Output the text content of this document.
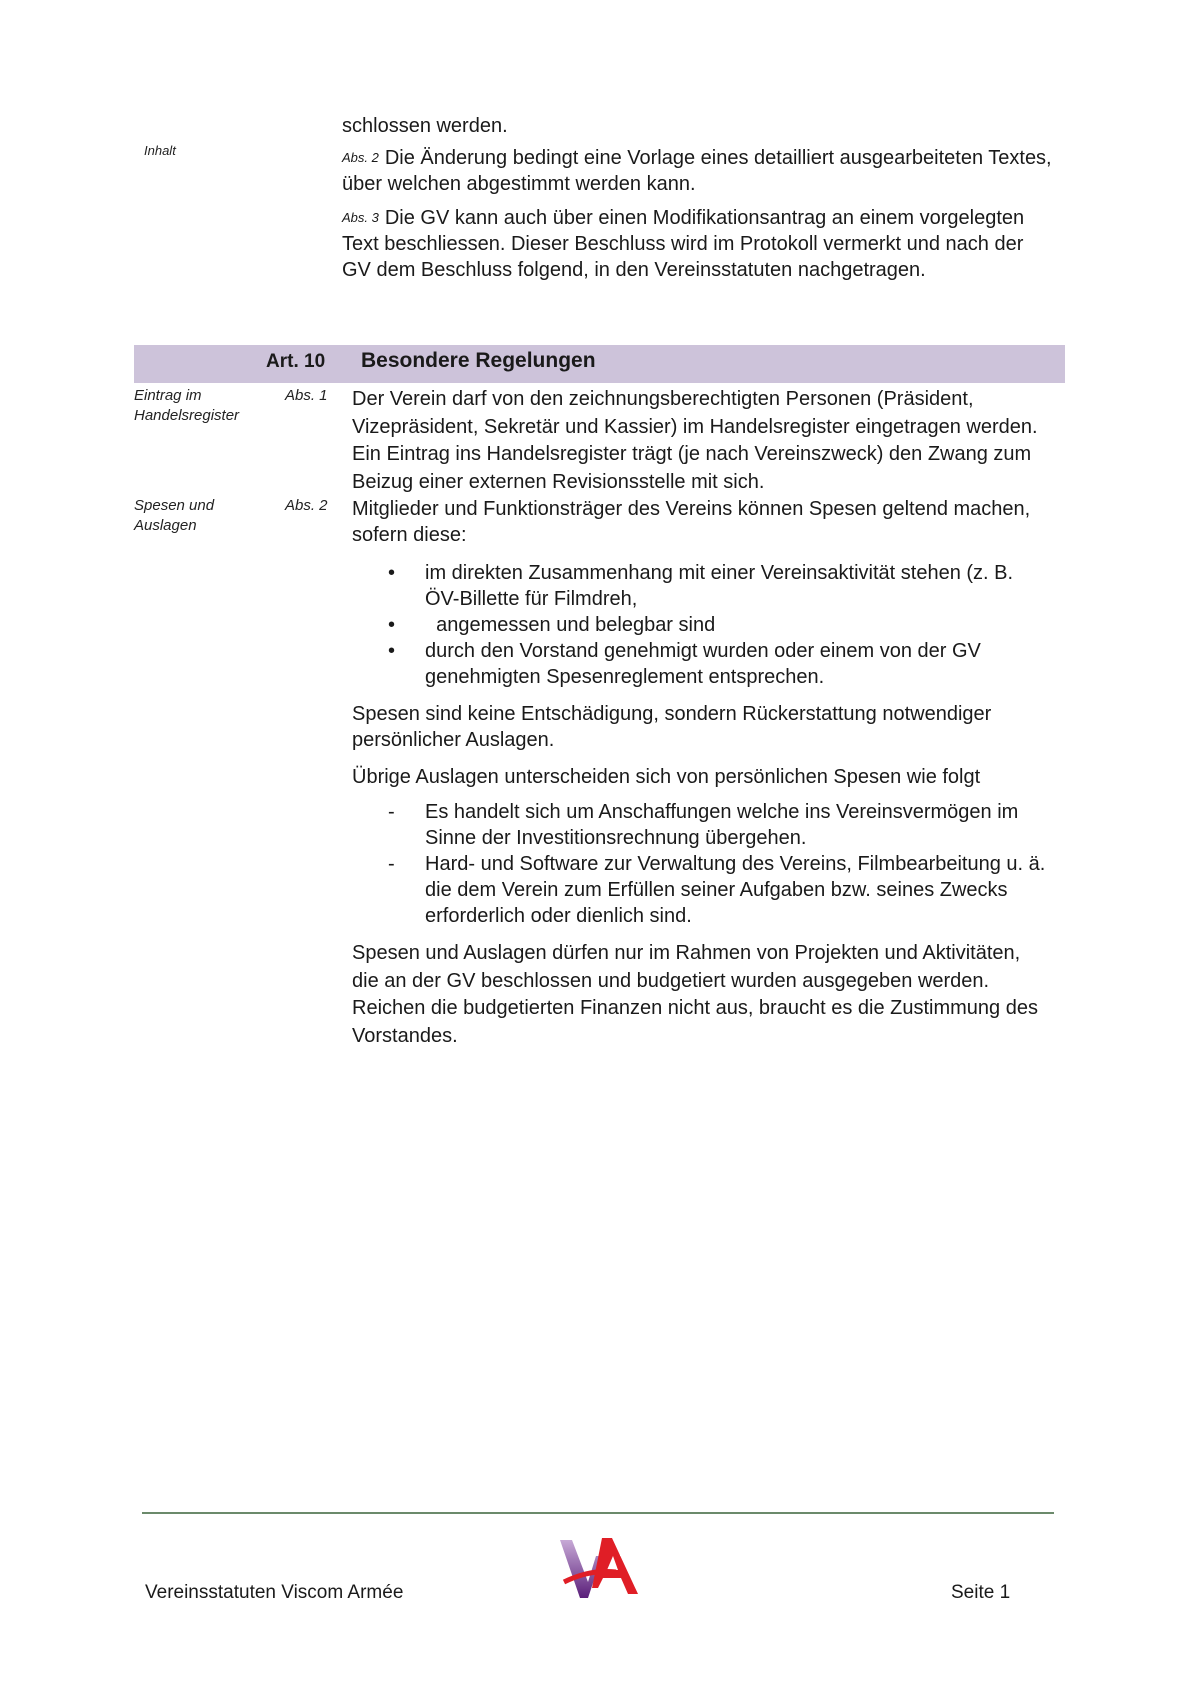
schlossen werden.
Inhalt	$^{Abs. 2}$ Die Änderung bedingt eine Vorlage eines detailliert ausgearbeiteten Textes, über welchen abgestimmt werden kann.
$^{Abs. 3}$ Die GV kann auch über einen Modifikationsantrag an einem vorgelegten Text beschliessen. Dieser Beschluss wird im Protokoll vermerkt und nach der GV dem Beschluss folgend, in den Vereinsstatuten nachgetragen.
Art. 10 Besondere Regelungen
Eintrag im Handelsregister
Abs. 1 Der Verein darf von den zeichnungsberechtigten Personen (Präsident, Vizepräsident, Sekretär und Kassier) im Handelsregister eingetragen werden. Ein Eintrag ins Handelsregister trägt (je nach Vereinszweck) den Zwang zum Beizug einer externen Revisionsstelle mit sich.
Spesen und Auslagen
Abs. 2 Mitglieder und Funktionsträger des Vereins können Spesen geltend machen, sofern diese:
• im direkten Zusammenhang mit einer Vereinsaktivität stehen (z. B. ÖV-Billette für Filmdreh,
• angemessen und belegbar sind
• durch den Vorstand genehmigt wurden oder einem von der GV genehmigten Spesenreglement entsprechen.
Spesen sind keine Entschädigung, sondern Rückerstattung notwendiger persönlicher Auslagen.
Übrige Auslagen unterscheiden sich von persönlichen Spesen wie folgt
- Es handelt sich um Anschaffungen welche ins Vereinsvermögen im Sinne der Investitionsrechnung übergehen.
- Hard- und Software zur Verwaltung des Vereins, Filmbearbeitung u. ä. die dem Verein zum Erfüllen seiner Aufgaben bzw. seines Zwecks erforderlich oder dienlich sind.
Spesen und Auslagen dürfen nur im Rahmen von Projekten und Aktivitäten, die an der GV beschlossen und budgetiert wurden ausgegeben werden. Reichen die budgetierten Finanzen nicht aus, braucht es die Zustimmung des Vorstandes.
Vereinsstatuten Viscom Armée	Seite 1
